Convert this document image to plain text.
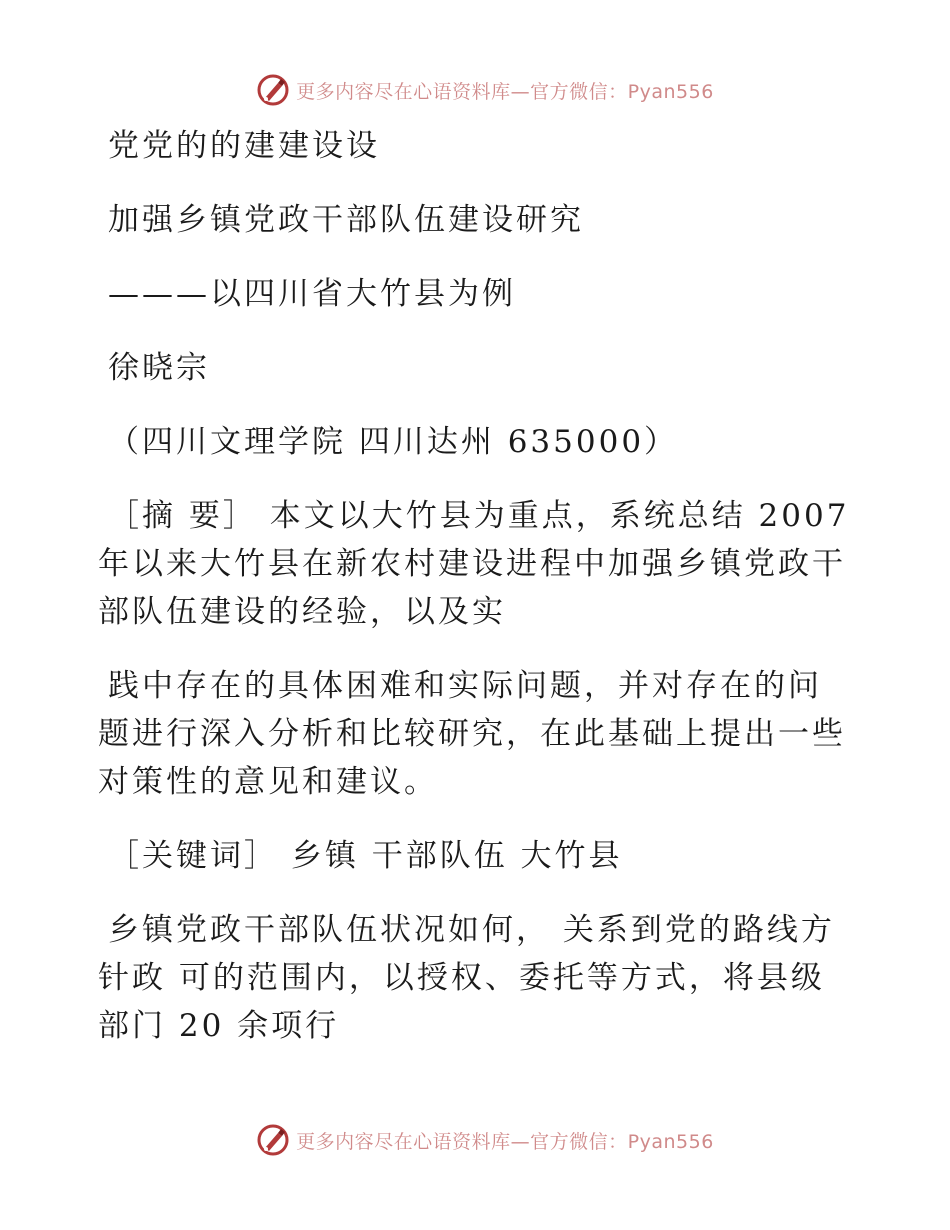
更多内容尽在心语资料库—官方微信：Pyan556

党党的的建建设设

加强乡镇党政干部队伍建设研究

———以四川省大竹县为例

徐晓宗

（四川文理学院 四川达州 635000）

［摘 要］ 本文以大竹县为重点，系统总结 2007

年以来大竹县在新农村建设进程中加强乡镇党政干

部队伍建设的经验，以及实

践中存在的具体困难和实际问题，并对存在的问

题进行深入分析和比较研究，在此基础上提出一些

对策性的意见和建议。

［关键词］ 乡镇 干部队伍 大竹县

乡镇党政干部队伍状况如何， 关系到党的路线方

针政 可的范围内，以授权、委托等方式，将县级

部门 20 余项行

更多内容尽在心语资料库—官方微信：Pyan556
